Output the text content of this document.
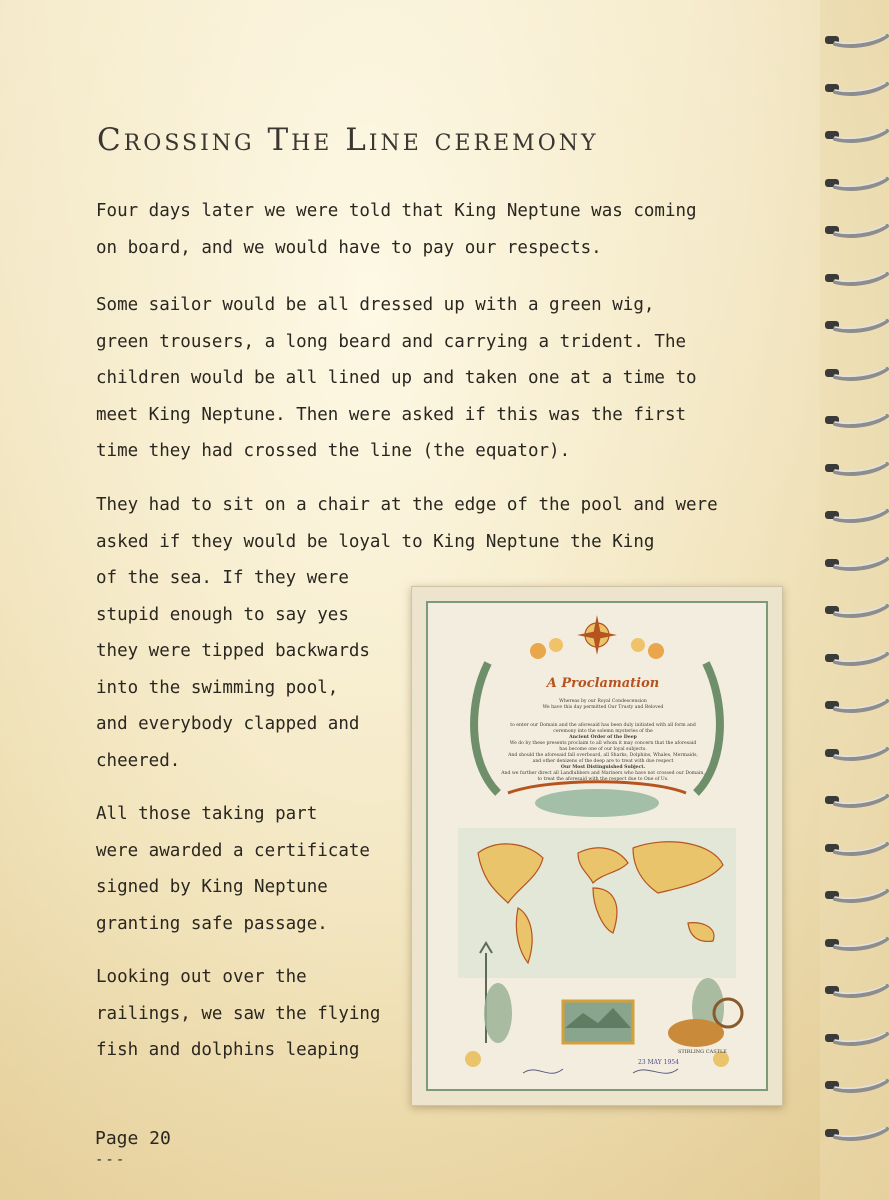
Crossing The Line ceremony
Four days later we were told that King Neptune was coming
on board, and we would have to pay our respects.
Some sailor would be all dressed up with a green wig,
green trousers, a long beard and carrying a trident. The
children would be all lined up and taken one at a time to
meet King Neptune. Then were asked if this was the first
time they had crossed the line (the equator).
They had to sit on a chair at the edge of the pool and were
asked if they would be loyal to King Neptune the King
of the sea. If they were
stupid enough to say yes
they were tipped backwards
into the swimming pool,
and everybody clapped and
cheered.
All those taking part
were awarded a certificate
signed by King Neptune
granting safe passage.
Looking out over the
railings, we saw the flying
fish and dolphins leaping
A Proclamation
Whereas by our Royal Condescension
We have this day permitted Our Trusty and Beloved
to enter our Domain and the aforesaid has been duly initiated with all form and
ceremony into the solemn mysteries of the
Ancient Order of the Deep
We do by these presents proclaim to all whom it may concern that the aforesaid
has become one of our loyal subjects.
And should the aforesaid fall overboard, all Sharks, Dolphins, Whales, Mermaids,
and other denizens of the deep are to treat with due respect
Our Most Distinguished Subject.
And we further direct all Landlubbers and Mariners who have not crossed our Domain,
to treat the aforesaid with the respect due to One of Us.
STIRLING CASTLE
23 MAY 1954
Page 20
---
